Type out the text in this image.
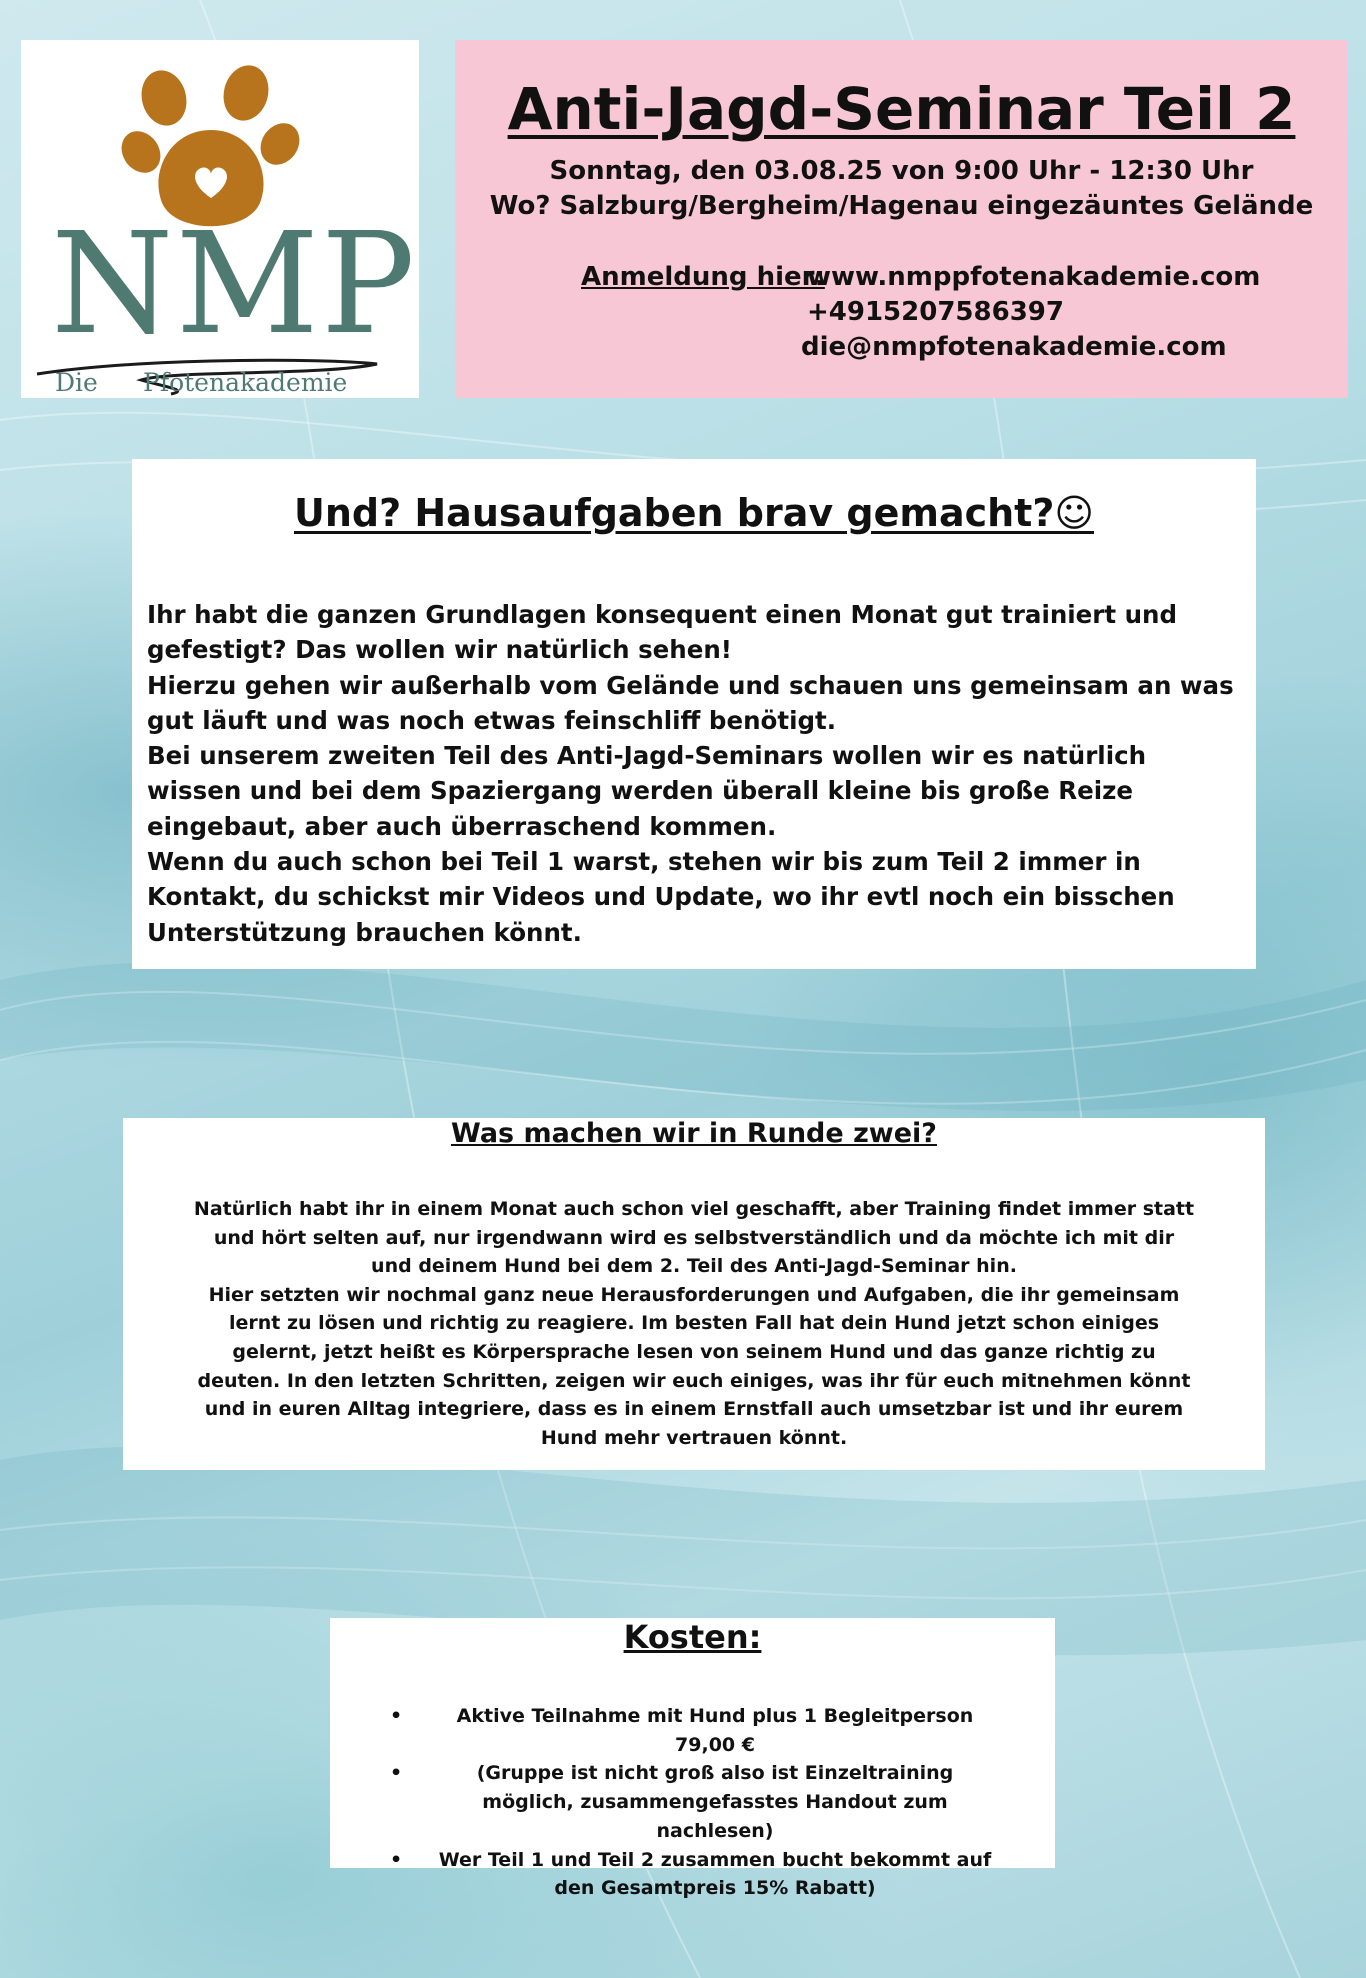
NMP
Die Pfotenakademie
Anti-Jagd-Seminar Teil 2
Sonntag, den 03.08.25 von 9:00 Uhr - 12:30 Uhr
Wo? Salzburg/Bergheim/Hagenau eingezäuntes Gelände
Anmeldung hier:
www.nmppfotenakademie.com
+4915207586397
die@nmpfotenakademie.com
Und? Hausaufgaben brav gemacht?☺

Ihr habt die ganzen Grundlagen konsequent einen Monat gut trainiert und gefestigt? Das wollen wir natürlich sehen!

Hierzu gehen wir außerhalb vom Gelände und schauen uns gemeinsam an was gut läuft und was noch etwas feinschliff benötigt.

Bei unserem zweiten Teil des Anti-Jagd-Seminars wollen wir es natürlich wissen und bei dem Spaziergang werden überall kleine bis große Reize eingebaut, aber auch überraschend kommen.

Wenn du auch schon bei Teil 1 warst, stehen wir bis zum Teil 2 immer in Kontakt, du schickst mir Videos und Update, wo ihr evtl noch ein bisschen Unterstützung brauchen könnt.

Was machen wir in Runde zwei?

Natürlich habt ihr in einem Monat auch schon viel geschafft, aber Training findet immer statt und hört selten auf, nur irgendwann wird es selbstverständlich und da möchte ich mit dir und deinem Hund bei dem 2. Teil des Anti-Jagd-Seminar hin.

Hier setzten wir nochmal ganz neue Herausforderungen und Aufgaben, die ihr gemeinsam lernt zu lösen und richtig zu reagiere. Im besten Fall hat dein Hund jetzt schon einiges gelernt, jetzt heißt es Körpersprache lesen von seinem Hund und das ganze richtig zu deuten. In den letzten Schritten, zeigen wir euch einiges, was ihr für euch mitnehmen könnt und in euren Alltag integriere, dass es in einem Ernstfall auch umsetzbar ist und ihr eurem Hund mehr vertrauen könnt.

Kosten:
•	Aktive Teilnahme mit Hund plus 1 Begleitperson 79,00 €
•	(Gruppe ist nicht groß also ist Einzeltraining möglich, zusammengefasstes Handout zum nachlesen)
• Wer Teil 1 und Teil 2 zusammen bucht bekommt auf den Gesamtpreis 15% Rabatt)
